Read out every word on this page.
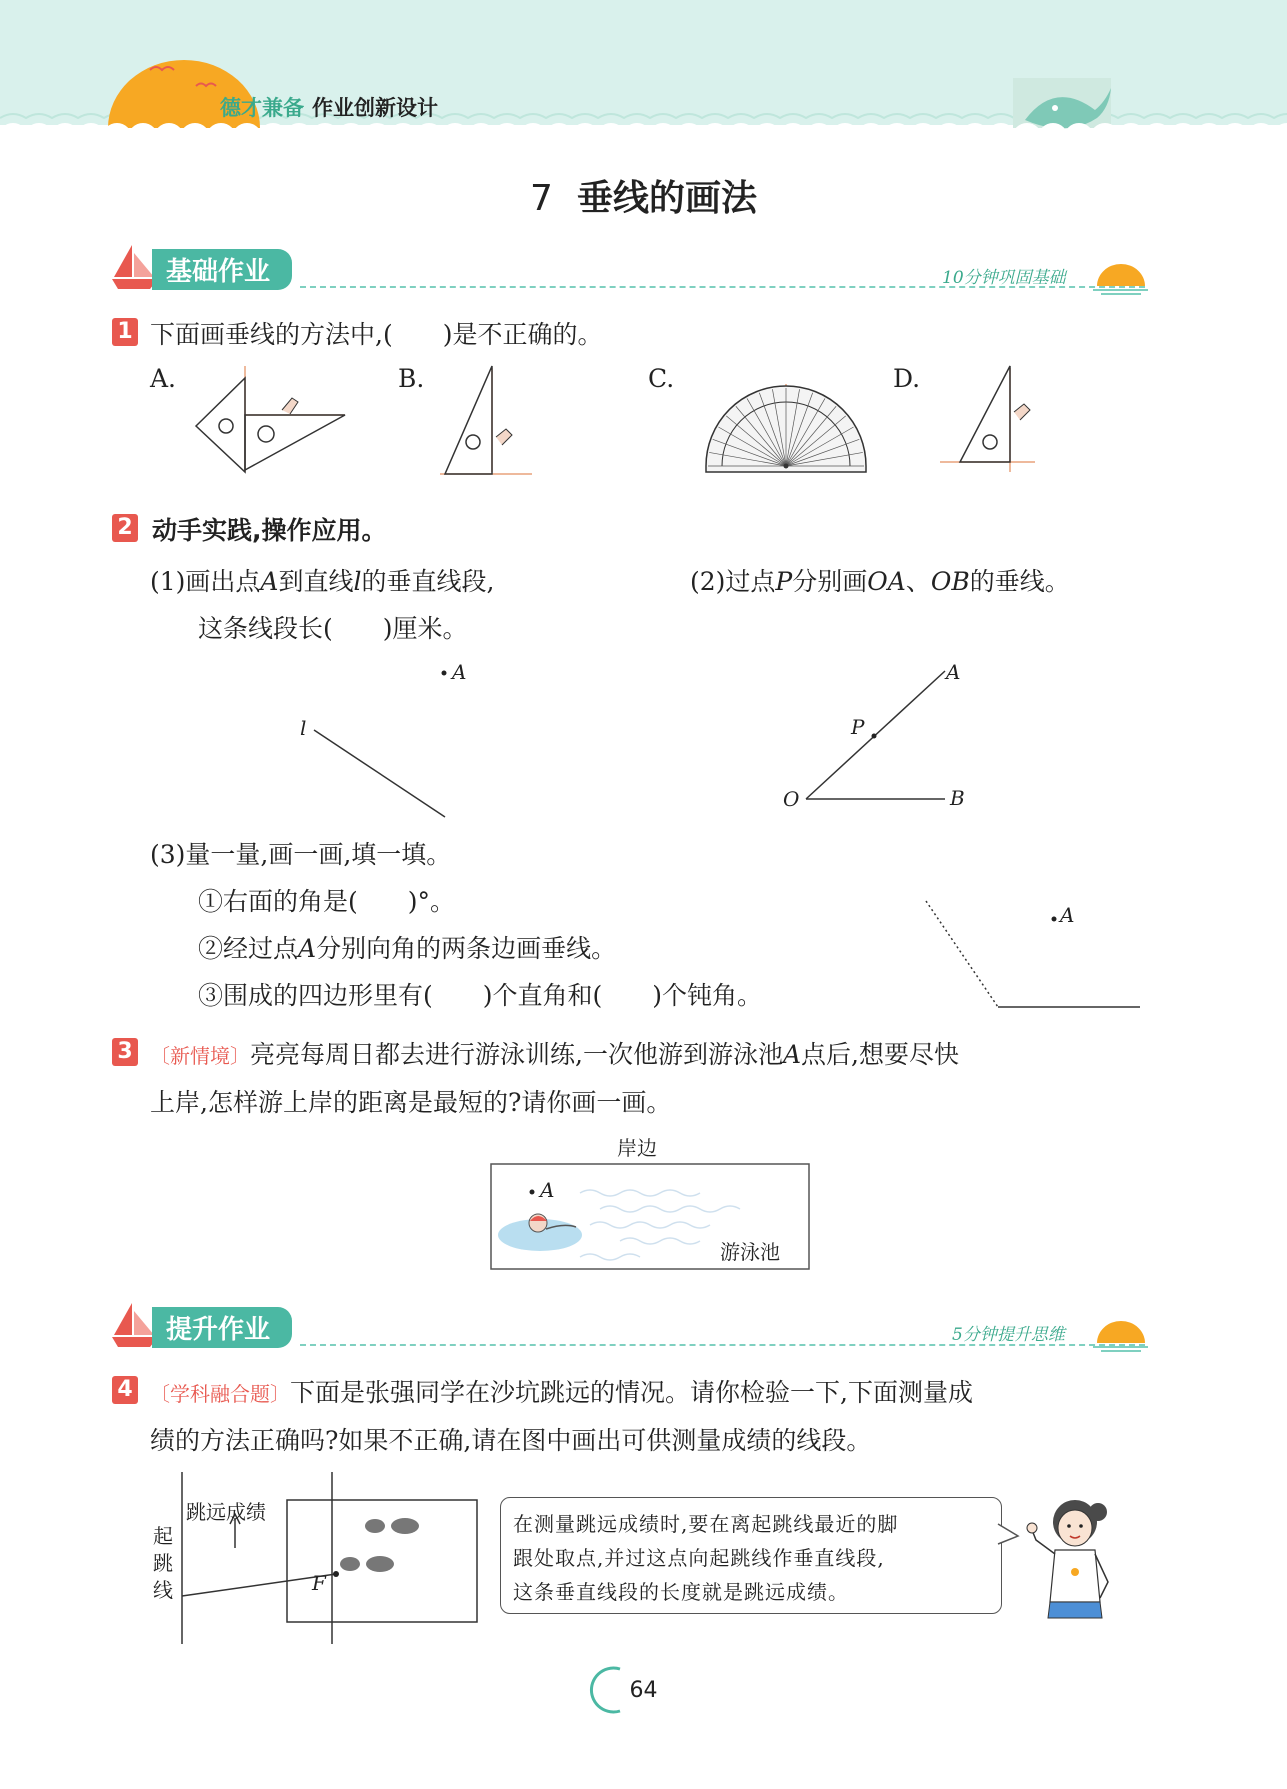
德才兼备 作业创新设计
7 垂线的画法
基础作业	10分钟巩固基础
1 下面画垂线的方法中,(　　)是不正确的。
A.	B.	C.	D.
2 动手实践,操作应用。
(1)画出点A到直线l的垂直线段,
这条线段长(　　)厘米。
(2)过点P分别画OA、OB的垂线。
A
l
A
P
O	B
(3)量一量,画一画,填一填。
①右面的角是(　　)°。
②经过点A分别向角的两条边画垂线。
③围成的四边形里有(　　)个直角和(　　)个钝角。
A
3 〔新情境〕亮亮每周日都去进行游泳训练,一次他游到游泳池A点后,想要尽快
上岸,怎样游上岸的距离是最短的?请你画一画。
岸边
A
游泳池
提升作业	5分钟提升思维
4 〔学科融合题〕下面是张强同学在沙坑跳远的情况。请你检验一下,下面测量成
绩的方法正确吗?如果不正确,请在图中画出可供测量成绩的线段。
跳远成绩
起
跳
线	F
在测量跳远成绩时,要在离起跳线最近的脚
跟处取点,并过这点向起跳线作垂直线段,
这条垂直线段的长度就是跳远成绩。
64
